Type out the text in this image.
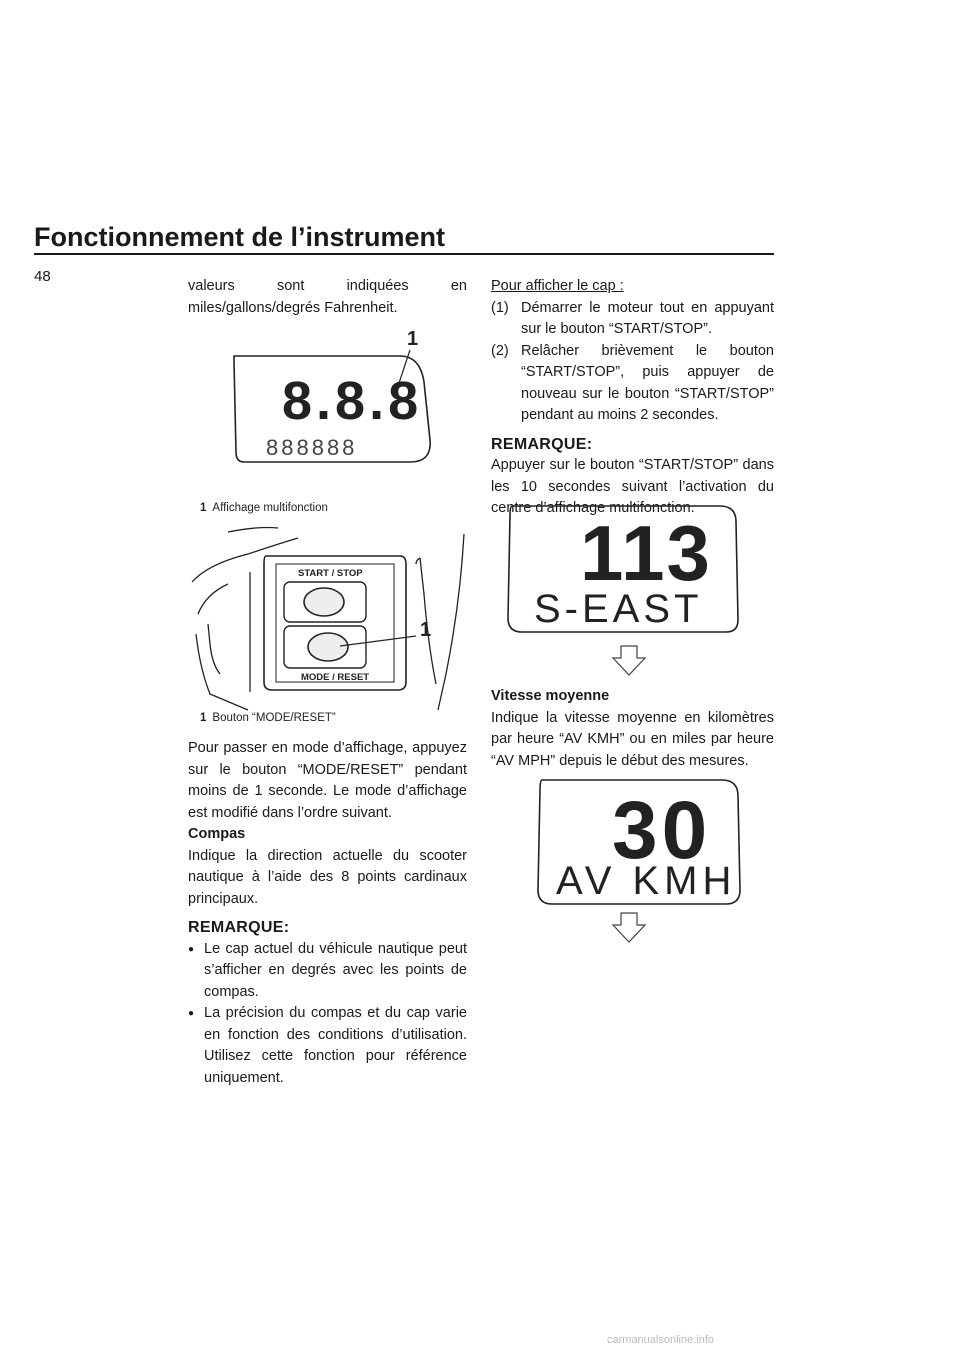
Fonctionnement de l’instrument
48

valeurs sont indiquées en miles/gallons/degrés Fahrenheit.

8.8.8
888888
1
1 Affichage multifonction
START / STOP
MODE / RESET
1
1 Bouton “MODE/RESET”

Pour passer en mode d’affichage, appuyez sur le bouton “MODE/RESET” pendant moins de 1 seconde. Le mode d’affichage est modifié dans l’ordre suivant.

Compas

Indique la direction actuelle du scooter nautique à l’aide des 8 points cardinaux principaux.

REMARQUE:

● Le cap actuel du véhicule nautique peut s’afficher en degrés avec les points de compas.

● La précision du compas et du cap varie en fonction des conditions d’utilisation. Utilisez cette fonction pour référence uniquement.

Pour afficher le cap :

(1) Démarrer le moteur tout en appuyant sur le bouton “START/STOP”.

(2) Relâcher brièvement le bouton “START/STOP”, puis appuyer de nouveau sur le bouton “START/STOP” pendant au moins 2 secondes.

REMARQUE:

Appuyer sur le bouton “START/STOP” dans les 10 secondes suivant l’activation du centre d’affichage multifonction.

113
S-EAST

Vitesse moyenne

Indique la vitesse moyenne en kilomètres par heure “AV KMH” ou en miles par heure “AV MPH” depuis le début des mesures.

30
AV KMH
carmanualsonline.info
